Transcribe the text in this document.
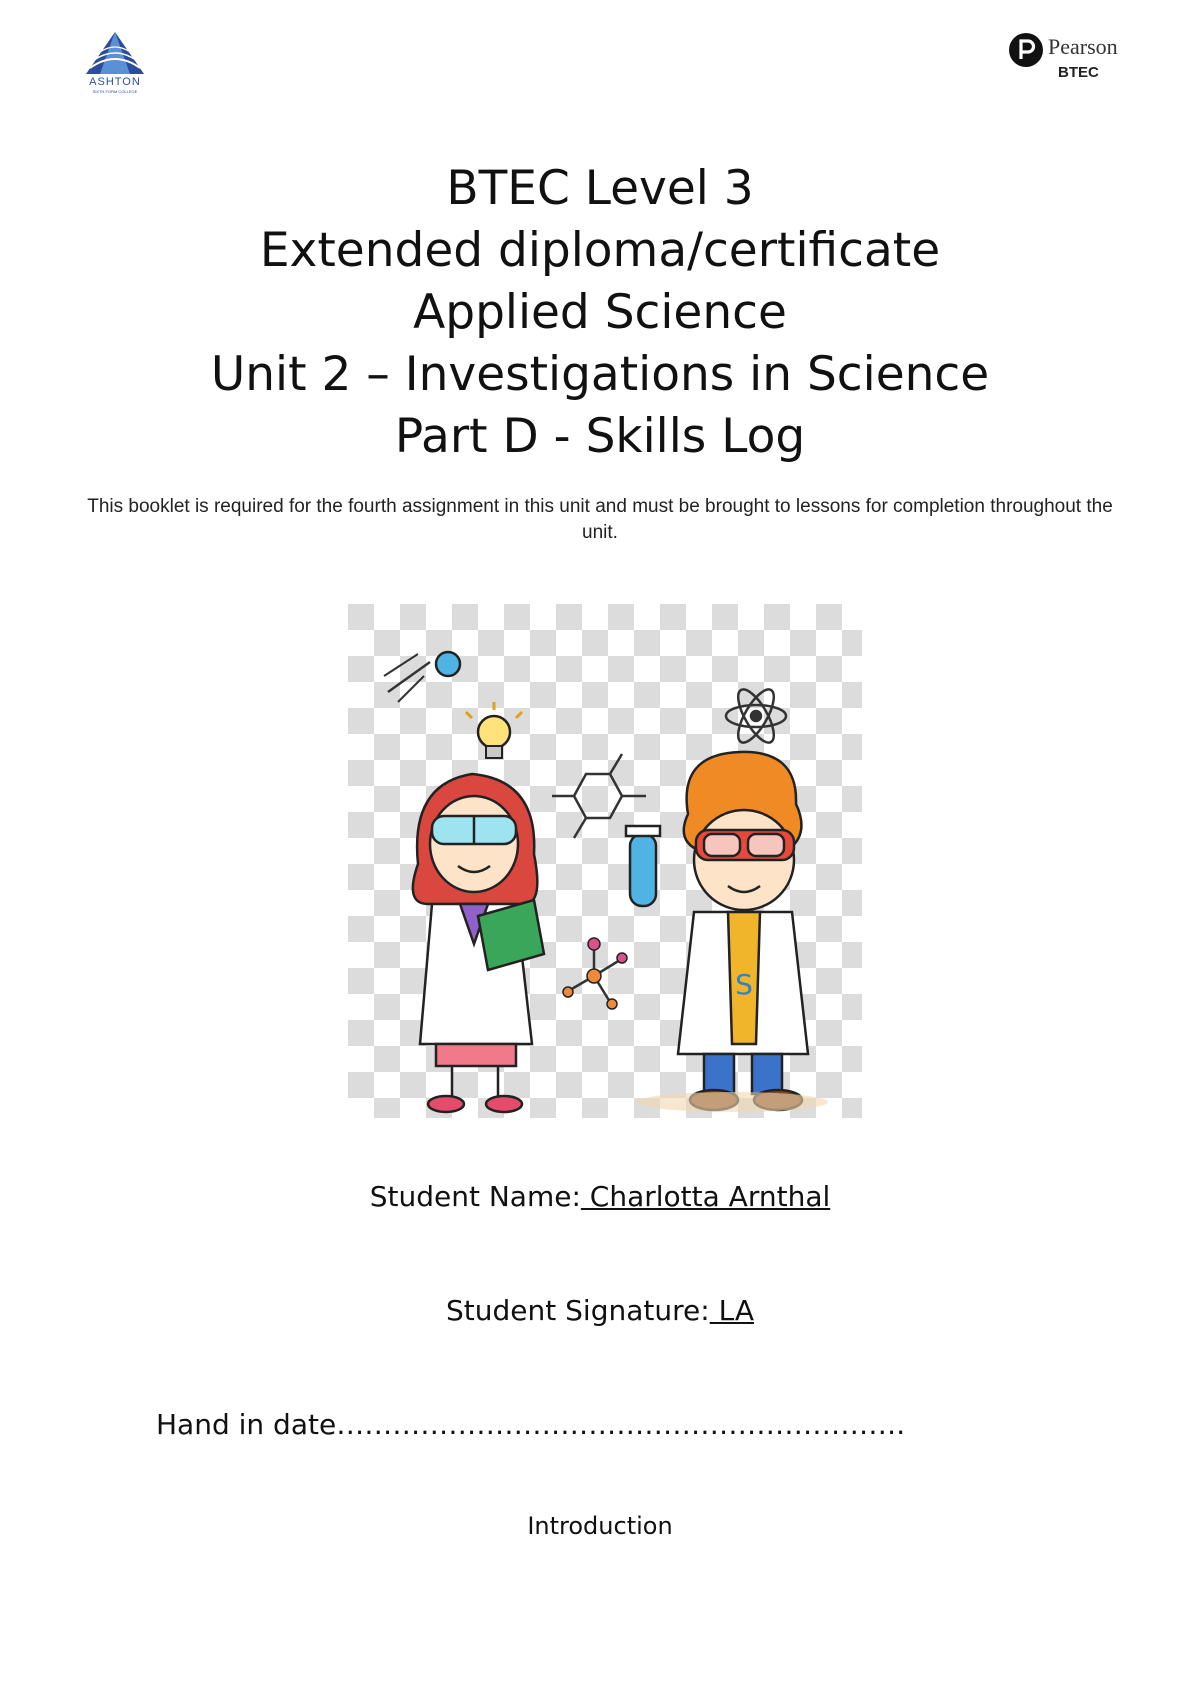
ASHTON
SIXTH FORM COLLEGE
Pearson
BTEC
BTEC Level 3
Extended diploma/certificate
Applied Science
Unit 2 – Investigations in Science
Part D - Skills Log
This booklet is required for the fourth assignment in this unit and must be brought to lessons for completion throughout the unit.
S
Student Name: Charlotta Arnthal
Student Signature: LA
Hand in date…………………………………………………….
Introduction
